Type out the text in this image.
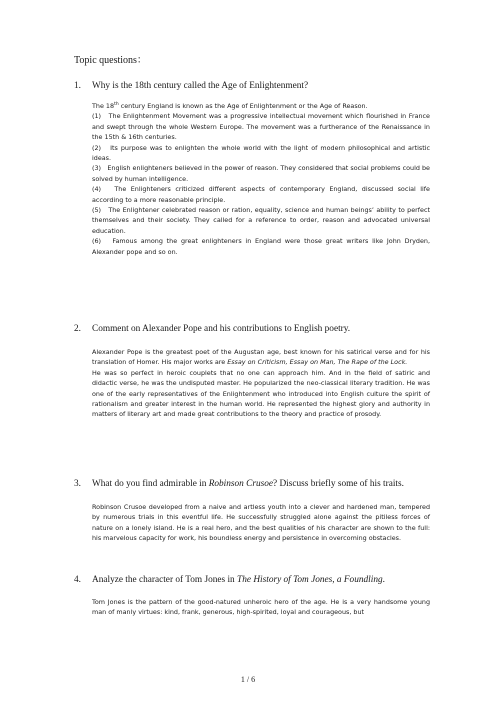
Topic questions：
1. Why is the 18th century called the Age of Enlightenment?

The 18th century England is known as the Age of Enlightenment or the Age of Reason.

(1)   The Enlightenment Movement was a progressive intellectual movement which flourished in France and swept through the whole Western Europe. The movement was a furtherance of the Renaissance in the 15th & 16th centuries.

(2)   Its purpose was to enlighten the whole world with the light of modern philosophical and artistic ideas.

(3)   English enlighteners believed in the power of reason. They considered that social problems could be solved by human intelligence.

(4)   The Enlighteners criticized different aspects of contemporary England, discussed social life according to a more reasonable principle.

(5)   The Enlightener celebrated reason or ration, equality, science and human beings’ ability to perfect themselves and their society. They called for a reference to order, reason and advocated universal education.

(6)   Famous among the great enlighteners in England were those great writers like John Dryden, Alexander pope and so on.

2. Comment on Alexander Pope and his contributions to English poetry.

Alexander Pope is the greatest poet of the Augustan age, best known for his satirical verse and for his translation of Homer. His major works are Essay on Criticism, Essay on Man, The Rape of the Lock.

He was so perfect in heroic couplets that no one can approach him. And in the field of satiric and didactic verse, he was the undisputed master. He popularized the neo-classical literary tradition. He was one of the early representatives of the Enlightenment who introduced into English culture the spirit of rationalism and greater interest in the human world. He represented the highest glory and authority in matters of literary art and made great contributions to the theory and practice of prosody.

3. What do you find admirable in Robinson Crusoe? Discuss briefly some of his traits.

Robinson Crusoe developed from a naive and artless youth into a clever and hardened man, tempered by numerous trials in this eventful life. He successfully struggled alone against the pitiless forces of nature on a lonely island. He is a real hero, and the best qualities of his character are shown to the full: his marvelous capacity for work, his boundless energy and persistence in overcoming obstacles.

4. Analyze the character of Tom Jones in The History of Tom Jones, a Foundling.

Tom Jones is the pattern of the good-natured unheroic hero of the age. He is a very handsome young man of manly virtues: kind, frank, generous, high-spirited, loyal and courageous, but

1 / 6
